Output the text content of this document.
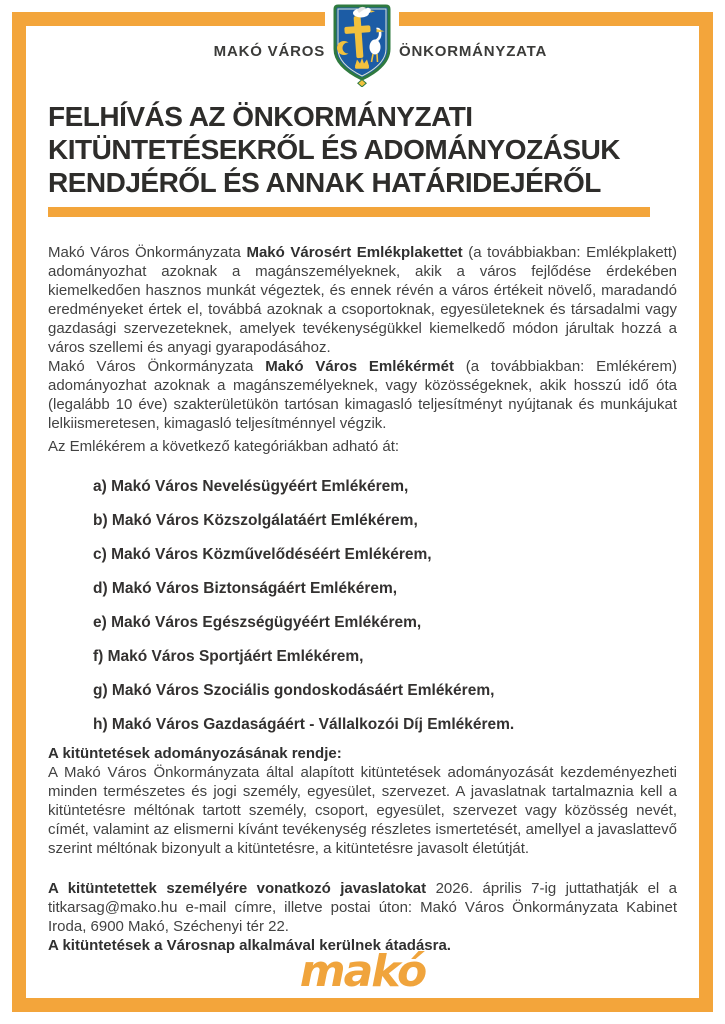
MAKÓ VÁROS	ÖNKORMÁNYZATA
FELHÍVÁS AZ ÖNKORMÁNYZATI
KITÜNTETÉSEKRŐL ÉS ADOMÁNYOZÁSUK
RENDJÉRŐL ÉS ANNAK HATÁRIDEJÉRŐL

Makó Város Önkormányzata Makó Városért Emlékplakettet (a továbbiakban: Emlékplakett) adományozhat azoknak a magánszemélyeknek, akik a város fejlődése érdekében kiemelkedően hasznos munkát végeztek, és ennek révén a város értékeit növelő, maradandó eredményeket értek el, továbbá azoknak a csoportoknak, egyesületeknek és társadalmi vagy gazdasági szervezeteknek, amelyek tevékenységükkel kiemelkedő módon járultak hozzá a város szellemi és anyagi gyarapodásához.

Makó Város Önkormányzata Makó Város Emlékérmét (a továbbiakban: Emlékérem) adományozhat azoknak a magánszemélyeknek, vagy közösségeknek, akik hosszú idő óta (legalább 10 éve) szakterületükön tartósan kimagasló teljesítményt nyújtanak és munkájukat lelkiismeretesen, kimagasló teljesítménnyel végzik.

Az Emlékérem a következő kategóriákban adható át:

a) Makó Város Nevelésügyéért Emlékérem,
b) Makó Város Közszolgálatáért Emlékérem,
c) Makó Város Közművelődéséért Emlékérem,
d) Makó Város Biztonságáért Emlékérem,
e) Makó Város Egészségügyéért Emlékérem,
f) Makó Város Sportjáért Emlékérem,
g) Makó Város Szociális gondoskodásáért Emlékérem,
h) Makó Város Gazdaságáért - Vállalkozói Díj Emlékérem.

A kitüntetések adományozásának rendje:

A Makó Város Önkormányzata által alapított kitüntetések adományozását kezdeményezheti minden természetes és jogi személy, egyesület, szervezet. A javaslatnak tartalmaznia kell a kitüntetésre méltónak tartott személy, csoport, egyesület, szervezet vagy közösség nevét, címét, valamint az elismerni kívánt tevékenység részletes ismertetését, amellyel a javaslattevő szerint méltónak bizonyult a kitüntetésre, a kitüntetésre javasolt életútját.

A kitüntetettek személyére vonatkozó javaslatokat 2026. április 7-ig juttathatják el a titkarsag@mako.hu e-mail címre, illetve postai úton: Makó Város Önkormányzata Kabinet Iroda, 6900 Makó, Széchenyi tér 22.

A kitüntetések a Városnap alkalmával kerülnek átadásra.

makó
